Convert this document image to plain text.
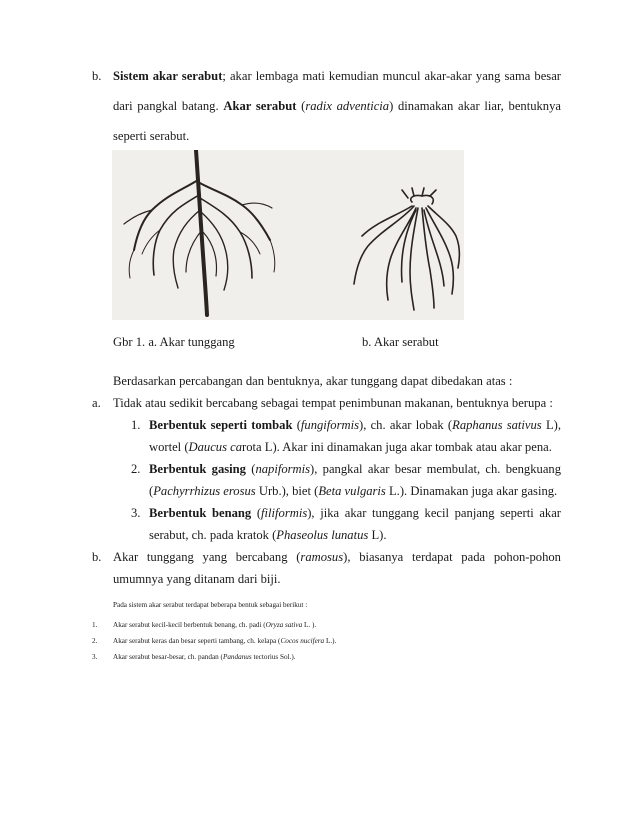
b. Sistem akar serabut; akar lembaga mati kemudian muncul akar-akar yang sama besar
dari pangkal batang. Akar serabut (radix adventicia) dinamakan akar liar, bentuknya
seperti serabut.
Gbr 1. a. Akar tunggang	b. Akar serabut
Berdasarkan percabangan dan bentuknya, akar tunggang dapat dibedakan atas :
a. Tidak atau sedikit bercabang sebagai tempat penimbunan makanan, bentuknya berupa :
1. Berbentuk seperti tombak (fungiformis), ch. akar lobak (Raphanus sativus L),
wortel (Daucus carota L). Akar ini dinamakan juga akar tombak atau akar pena.
2. Berbentuk gasing (napiformis), pangkal akar besar membulat, ch. bengkuang
(Pachyrrhizus erosus Urb.), biet (Beta vulgaris L.). Dinamakan juga akar gasing.
3. Berbentuk benang (filiformis), jika akar tunggang kecil panjang seperti akar
serabut, ch. pada kratok (Phaseolus lunatus L).
b. Akar tunggang yang bercabang (ramosus), biasanya terdapat pada pohon-pohon
umumnya yang ditanam dari biji.
Pada sistem akar serabut terdapat beberapa bentuk sebagai berikut :
1. Akar serabut kecil-kecil berbentuk benang, ch. padi (Oryza sativa L. ).
2. Akar serabut keras dan besar seperti tambang, ch. kelapa (Cocos nucifera L.).
3. Akar serabut besar-besar, ch. pandan (Pandanus tectorius Sol.).
